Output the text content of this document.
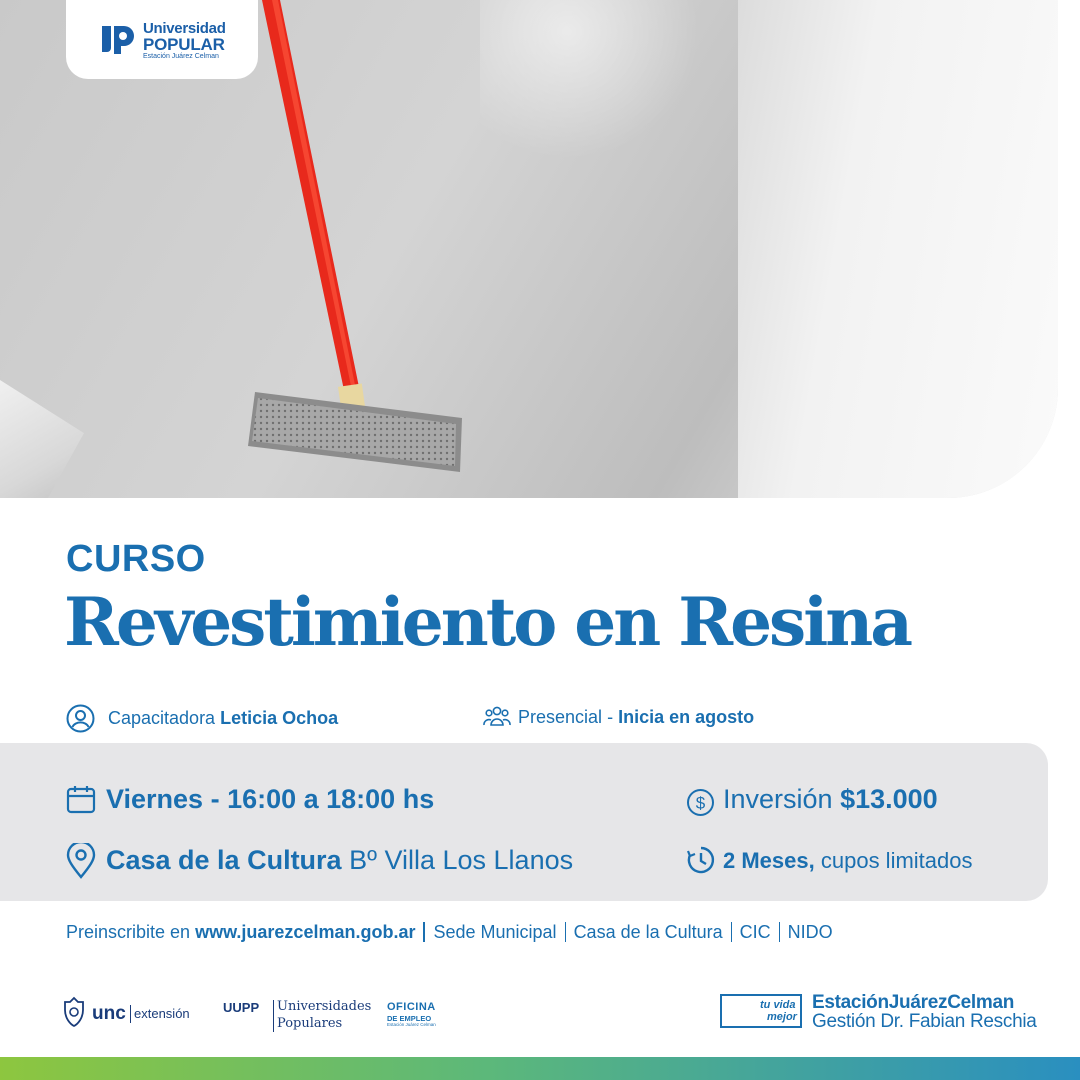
Universidad
POPULAR
Estación Juárez Celman
CURSO
Revestimiento en Resina
Capacitadora Leticia Ochoa	Presencial - Inicia en agosto
Viernes - 16:00 a 18:00 hs
Casa de la Cultura Bº Villa Los Llanos
$ Inversión $13.000
2 Meses, cupos limitados
Preinscribite en www.juarezcelman.gob.ar Sede Municipal Casa de la Cultura CIC NIDO
unc extensión	UUPP Universidades
Populares
OFICINA
DE EMPLEO
Estación Juárez Celman
tu vida
mejor
EstaciónJuárezCelman
Gestión Dr. Fabian Reschia
